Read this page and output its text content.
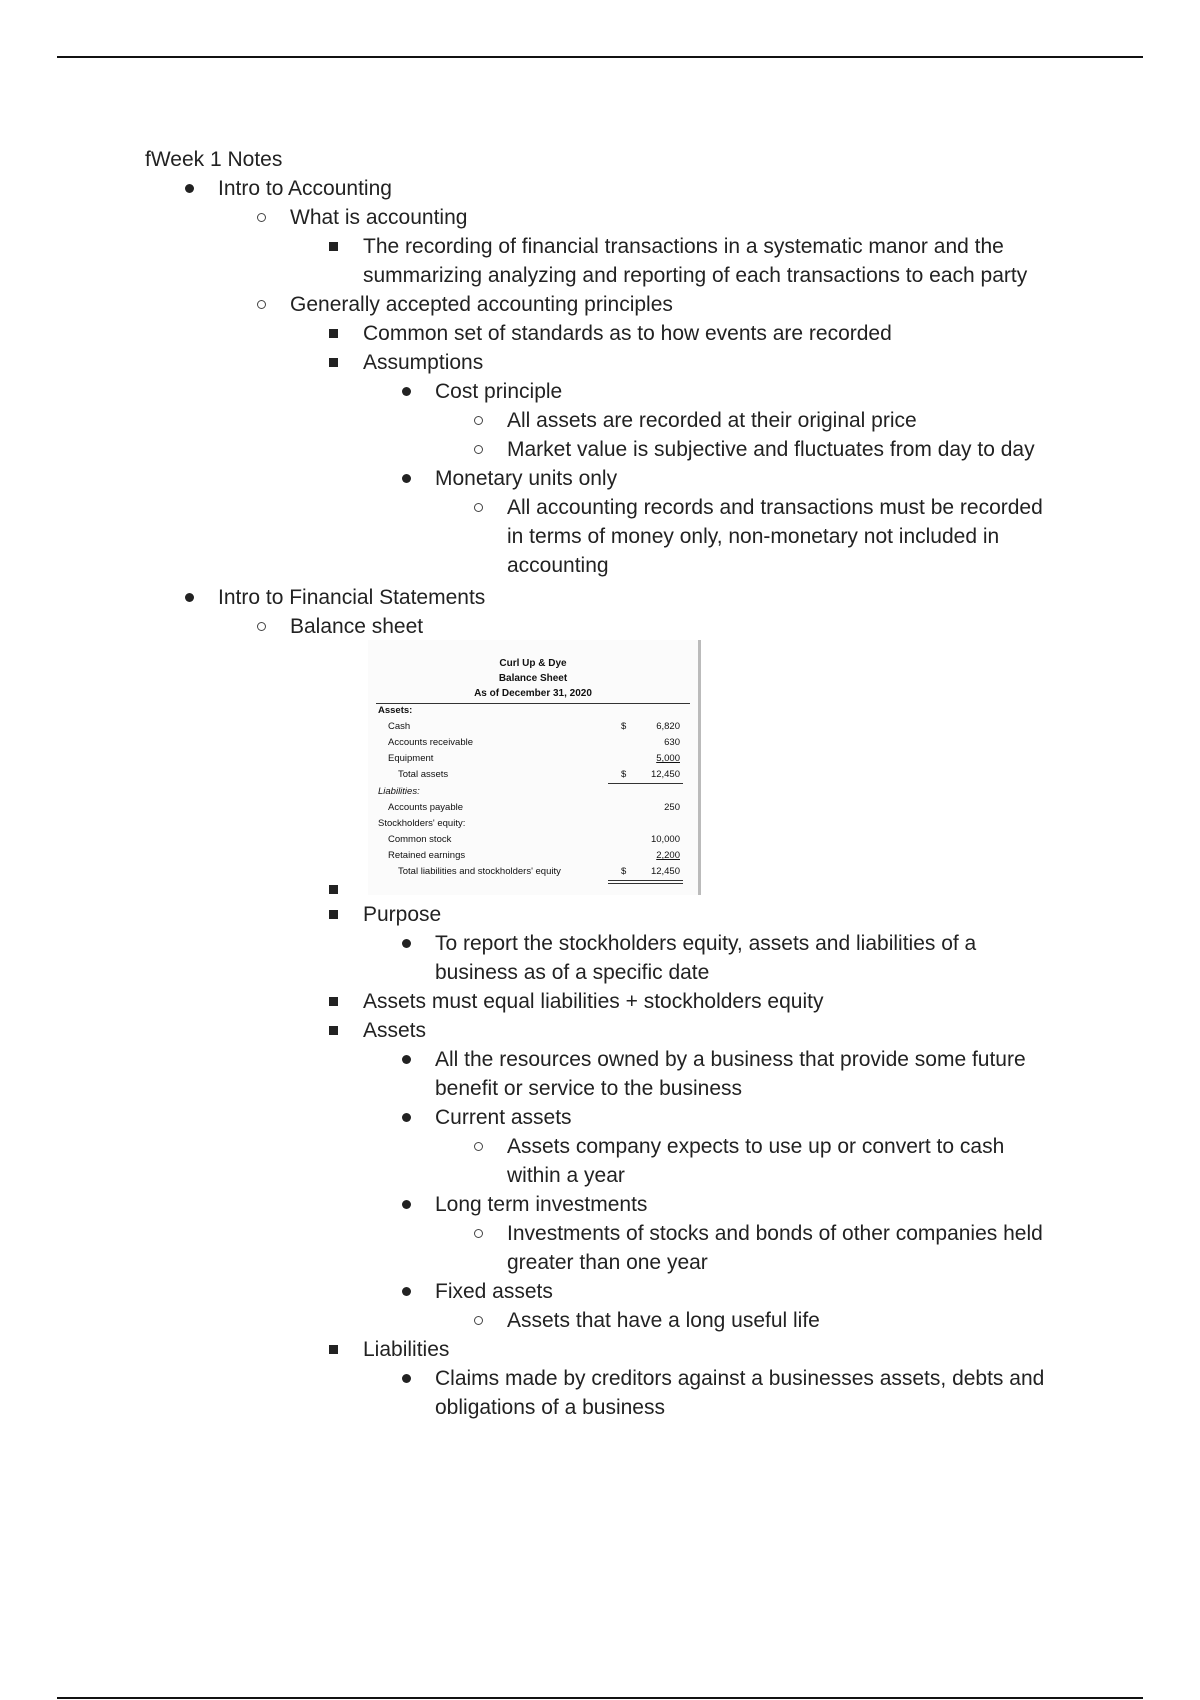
fWeek 1 Notes
Intro to Accounting
What is accounting
The recording of financial transactions in a systematic manor and the
summarizing analyzing and reporting of each transactions to each party
Generally accepted accounting principles
Common set of standards as to how events are recorded
Assumptions
Cost principle
All assets are recorded at their original price
Market value is subjective and fluctuates from day to day
Monetary units only
All accounting records and transactions must be recorded
in terms of money only, non-monetary not included in
accounting
Intro to Financial Statements
Balance sheet
Curl Up & Dye
Balance Sheet
As of December 31, 2020
Assets:
Cash	$	6,820
Accounts receivable	630
Equipment	5,000
Total assets	$	12,450
Liabilities:
Accounts payable	250
Stockholders' equity:
Common stock	10,000
Retained earnings	2,200
Total liabilities and stockholders' equity	$	12,450
Purpose
To report the stockholders equity, assets and liabilities of a
business as of a specific date
Assets must equal liabilities + stockholders equity
Assets
All the resources owned by a business that provide some future
benefit or service to the business
Current assets
Assets company expects to use up or convert to cash
within a year
Long term investments
Investments of stocks and bonds of other companies held
greater than one year
Fixed assets
Assets that have a long useful life
Liabilities
Claims made by creditors against a businesses assets, debts and
obligations of a business
